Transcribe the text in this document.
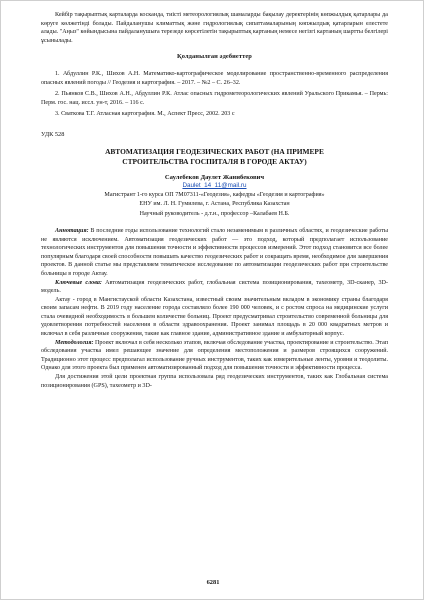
Кейбір тақырыптық карталарда косканда, тиісті метеорологиялық шамаларды бақылау деректерінің көпжылдық қатарлары да көруге көлжетінді болады. Пайдаланушы климаттық және гидрологиялық сипаттамаларының көпжылдық қатарларын елестете алады. "Аңыз" көйындысына пайдаланушыға терезеде көрсетілетін тақырыптық картаның немесе негізгі картаның шартты белгілері ұсынылады.

Қолданылған әдебиеттер

1. Абдуллин Р.К., Шихов А.Н. Математико-картографическое моделирование пространственно-временного распределения опасных явлений погоды // Геодезия и картография. – 2017. – №2 – С. 26–32.

2. Пьянков С.В., Шихов А.Н., Абдуллин Р.К. Атлас опасных гидрометеорологических явлений Уральского Прикамья. – Пермь: Перм. гос. нац. иссл. ун-т, 2016. – 116 с.

3. Сваткова Т.Г. Атласная картография. М., Аспект Пресс, 2002. 203 с

УДК 528
АВТОМАТИЗАЦИЯ ГЕОДЕЗИЧЕСКИХ РАБОТ (НА ПРИМЕРЕ
СТРОИТЕЛЬСТВА ГОСПИТАЛЯ В ГОРОДЕ АКТАУ)
Саулебеков Даулет Жанибекович
Daulet_14_11@mail.ru
Магистрант 1-го курса ОП 7М07311-«Геодезия», кафедры «Геодезия и картография»
ЕНУ им. Л. Н. Гумилева, г. Астана, Республика Казахстан
Научный руководитель - д.т.н., профессор –Калабаев Н.Б.

Аннотация: В последние годы использование технологий стало незаменимым в различных областях, и геодезические работы не являются исключением. Автоматизация геодезических работ — это подход, который предполагает использование технологических инструментов для повышения точности и эффективности процессов измерений. Этот подход становится все более популярным благодаря своей способности повышать качество геодезических работ и сокращать время, необходимое для завершения проектов. В данной статье мы представляем тематическое исследование по автоматизации геодезических работ при строительстве больницы в городе Актау.

Ключевые слова: Автоматизация геодезических работ, глобальная система позиционирования, тахеометр, 3D-сканер, 3D-модель.

Актау - город в Мангистауской области Казахстана, известный своим значительным вкладом в экономику страны благодаря своим запасам нефти. В 2019 году население города составляло более 190 000 человек, и с ростом спроса на медицинские услуги стала очевидной необходимость в большем количестве больниц. Проект предусматривал строительство современной больницы для удовлетворения потребностей населения в области здравоохранения. Проект занимал площадь в 20 000 квадратных метров и включал в себя различные сооружения, такие как главное здание, административное здание и амбулаторный корпус.

Методология: Проект включал в себя несколько этапов, включая обследование участка, проектирование и строительство. Этап обследования участка имел решающее значение для определения местоположения и размеров строящихся сооружений. Традиционно этот процесс предполагал использование ручных инструментов, таких как измерительные ленты, уровни и теодолиты. Однако для этого проекта был применен автоматизированный подход для повышения точности и эффективности процесса.

Для достижения этой цели проектная группа использовала ряд геодезических инструментов, таких как Глобальная система позиционирования (GPS), тахеометр и 3D-

6281
